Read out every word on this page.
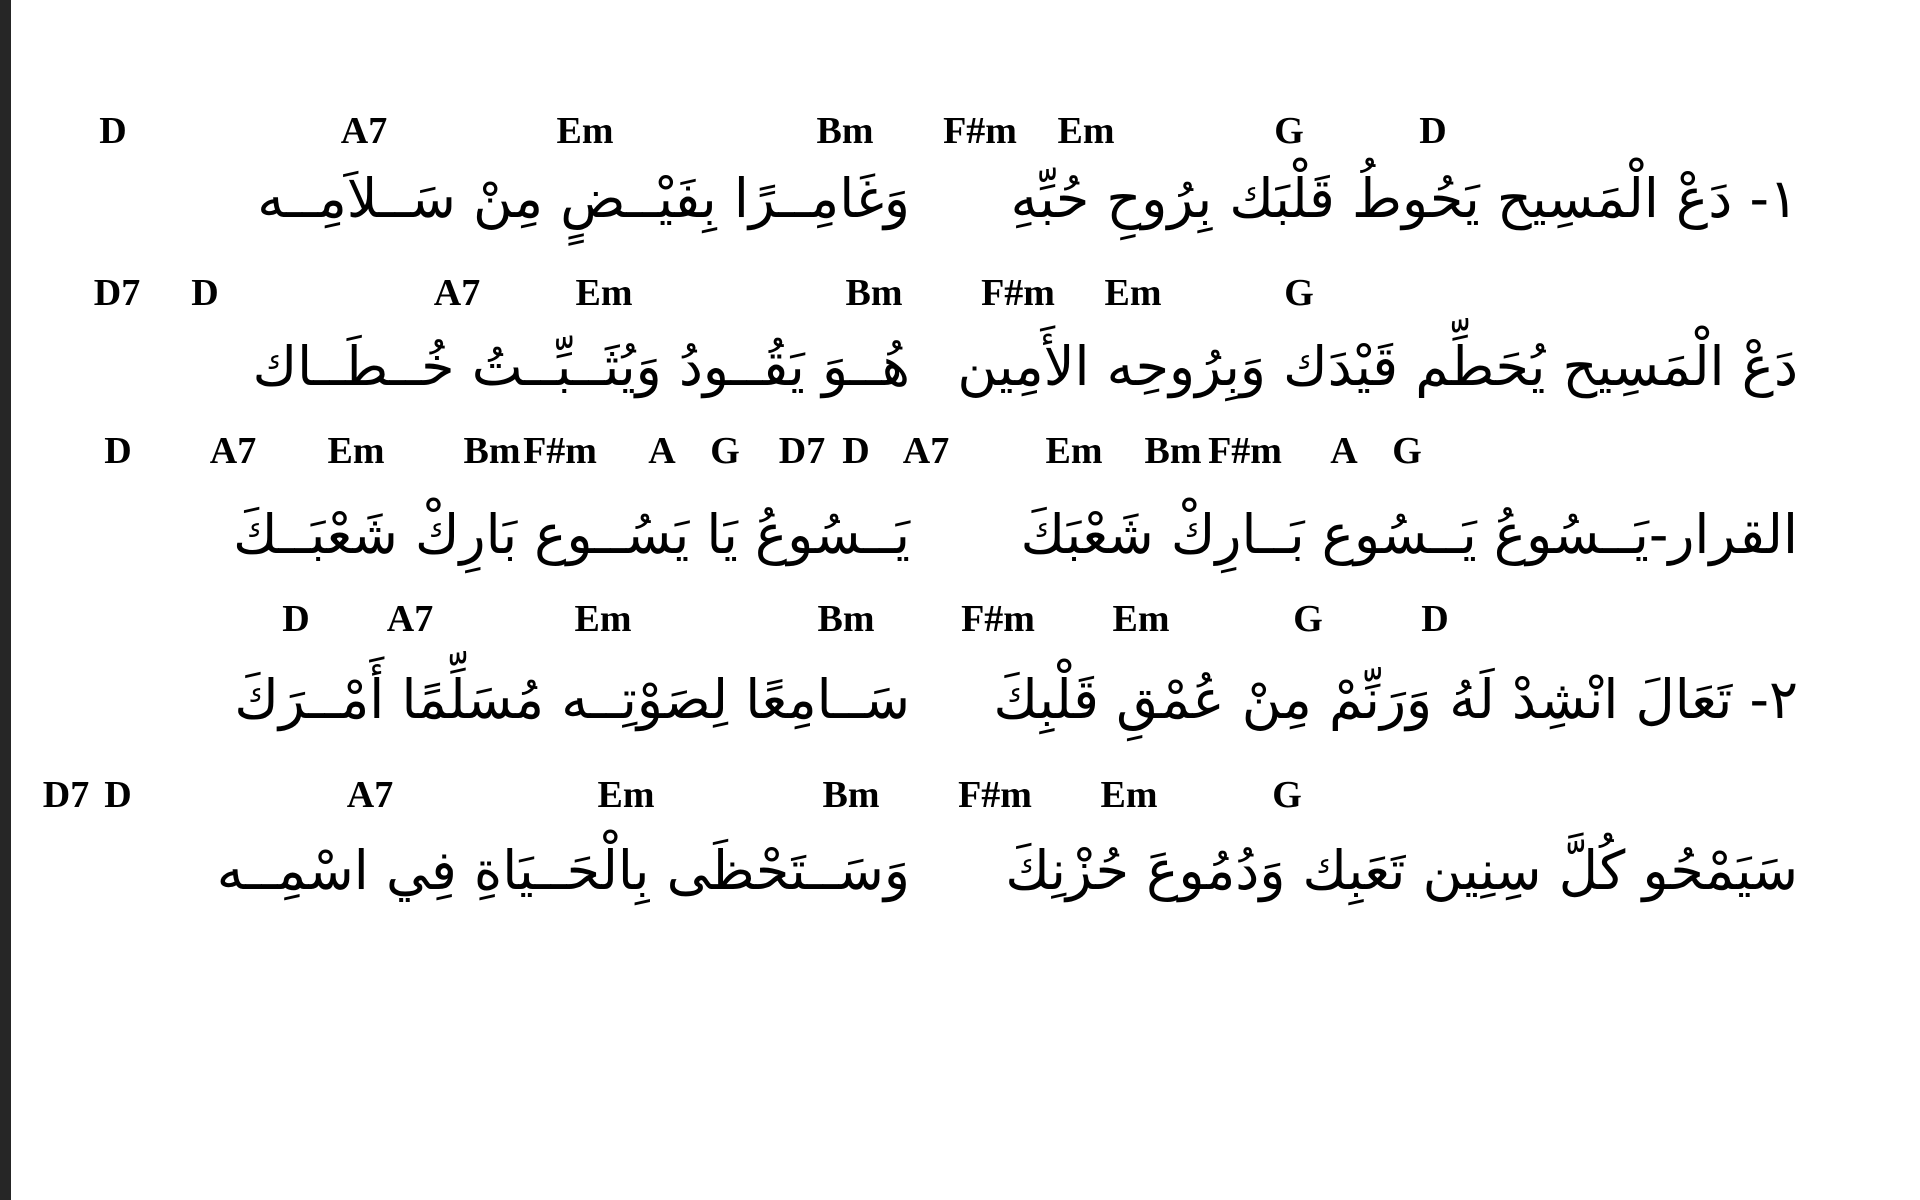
D	A7	Em	Bm F#m Em	G	D
١- دَعْ الْمَسِيح يَحُوطُ قَلْبَك بِرُوحِ حُبِّهِ
وَغَامِــرًا بِفَيْــضٍ مِنْ سَــلاَمِــه
D7 D	A7	Em	Bm F#m Em	G
دَعْ الْمَسِيح يُحَطِّم قَيْدَك وَبِرُوحِه الأَمِين
هُــوَ يَقُــودُ وَيُثَــبِّــتُ خُــطَــاك
D A7 Em Bm F#m A G D7 D A7	Em Bm F#m A G
القرار-يَــسُوعُ يَــسُوع بَــارِكْ شَعْبَكَ
يَــسُوعُ يَا يَسُــوع بَارِكْ شَعْبَــكَ
D A7	Em	Bm F#m Em	G	D
٢- تَعَالَ انْشِدْ لَهُ وَرَنِّمْ مِنْ عُمْقِ قَلْبِكَ
سَــامِعًا لِصَوْتِــه مُسَلِّمًا أَمْــرَكَ
D7 D	A7	Em	Bm F#m Em	G
سَيَمْحُو كُلَّ سِنِين تَعَبِك وَدُمُوعَ حُزْنِكَ
وَسَــتَحْظَى بِالْحَــيَاةِ فِي اسْمِــه
